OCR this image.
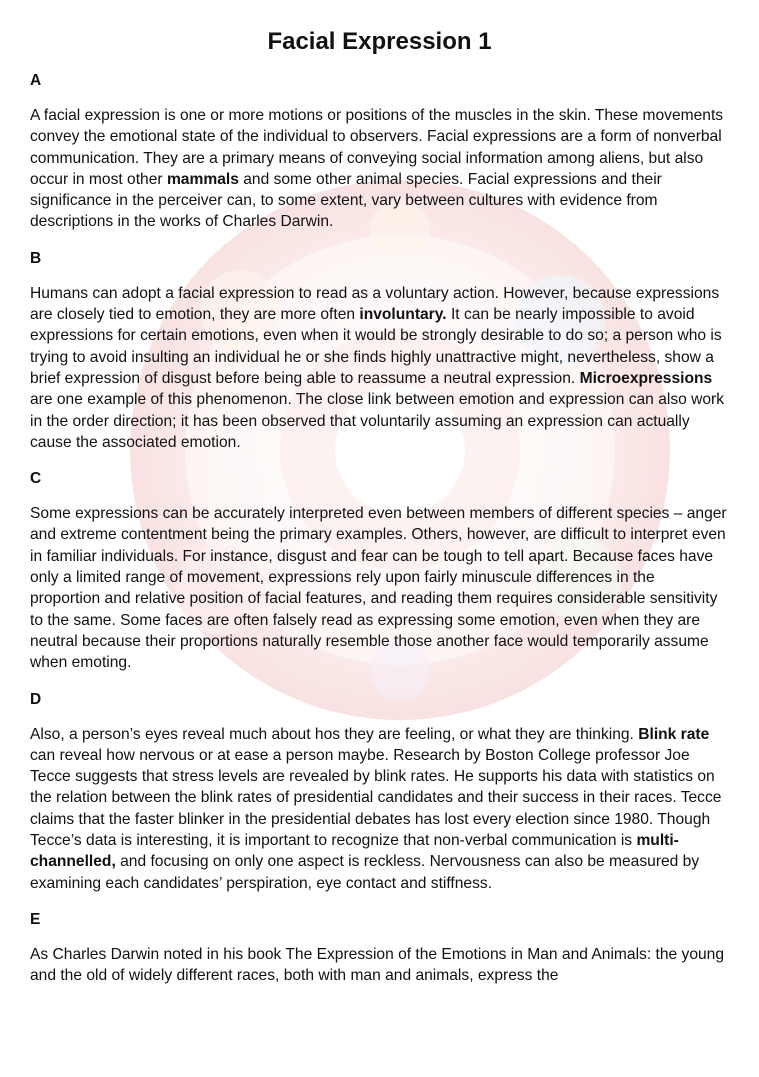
Facial Expression 1
A

A facial expression is one or more motions or positions of the muscles in the skin. These movements convey the emotional state of the individual to observers. Facial expressions are a form of nonverbal communication. They are a primary means of conveying social information among aliens, but also occur in most other mammals and some other animal species. Facial expressions and their significance in the perceiver can, to some extent, vary between cultures with evidence from descriptions in the works of Charles Darwin.

B

Humans can adopt a facial expression to read as a voluntary action. However, because expressions are closely tied to emotion, they are more often involuntary. It can be nearly impossible to avoid expressions for certain emotions, even when it would be strongly desirable to do so; a person who is trying to avoid insulting an individual he or she finds highly unattractive might, nevertheless, show a brief expression of disgust before being able to reassume a neutral expression. Microexpressions are one example of this phenomenon. The close link between emotion and expression can also work in the order direction; it has been observed that voluntarily assuming an expression can actually cause the associated emotion.

C

Some expressions can be accurately interpreted even between members of different species – anger and extreme contentment being the primary examples. Others, however, are difficult to interpret even in familiar individuals. For instance, disgust and fear can be tough to tell apart. Because faces have only a limited range of movement, expressions rely upon fairly minuscule differences in the proportion and relative position of facial features, and reading them requires considerable sensitivity to the same. Some faces are often falsely read as expressing some emotion, even when they are neutral because their proportions naturally resemble those another face would temporarily assume when emoting.

D

Also, a person’s eyes reveal much about hos they are feeling, or what they are thinking. Blink rate can reveal how nervous or at ease a person maybe. Research by Boston College professor Joe Tecce suggests that stress levels are revealed by blink rates. He supports his data with statistics on the relation between the blink rates of presidential candidates and their success in their races. Tecce claims that the faster blinker in the presidential debates has lost every election since 1980. Though Tecce’s data is interesting, it is important to recognize that non-verbal communication is multi-channelled, and focusing on only one aspect is reckless. Nervousness can also be measured by examining each candidates’ perspiration, eye contact and stiffness.

E

As Charles Darwin noted in his book The Expression of the Emotions in Man and Animals: the young and the old of widely different races, both with man and animals, express the
